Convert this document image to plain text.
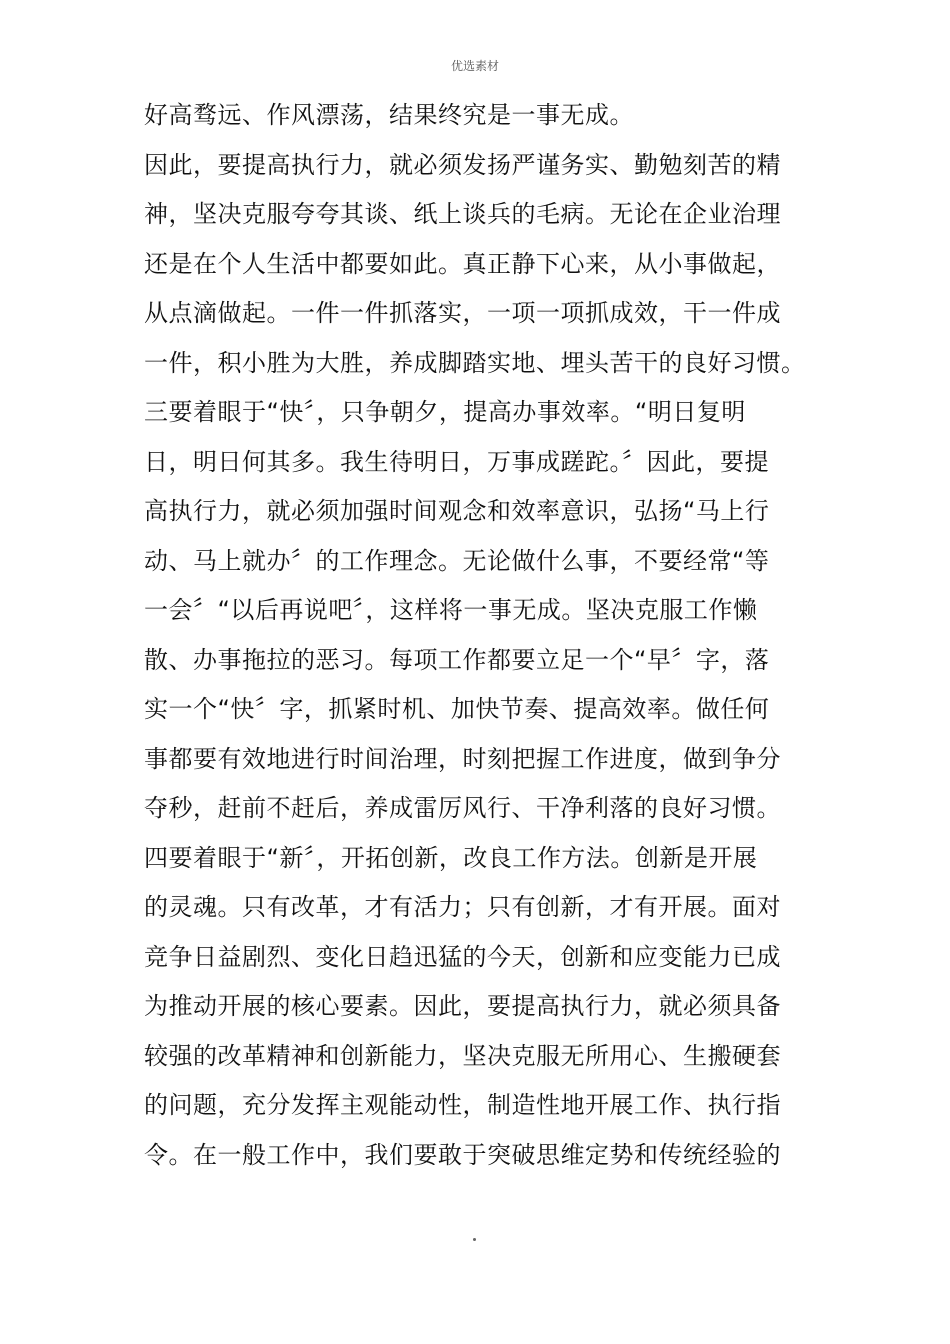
优选素材
好高骛远、作风漂荡，结果终究是一事无成。
因此，要提高执行力，就必须发扬严谨务实、勤勉刻苦的精
神，坚决克服夸夸其谈、纸上谈兵的毛病。无论在企业治理
还是在个人生活中都要如此。真正静下心来，从小事做起，
从点滴做起。一件一件抓落实，一项一项抓成效，干一件成
一件，积小胜为大胜，养成脚踏实地、埋头苦干的良好习惯。
三要着眼于“快〞，只争朝夕，提高办事效率。“明日复明
日，明日何其多。我生待明日，万事成蹉跎。〞因此，要提
高执行力，就必须加强时间观念和效率意识，弘扬“马上行
动、马上就办〞的工作理念。无论做什么事，不要经常“等
一会〞“以后再说吧〞，这样将一事无成。坚决克服工作懒
散、办事拖拉的恶习。每项工作都要立足一个“早〞字，落
实一个“快〞字，抓紧时机、加快节奏、提高效率。做任何
事都要有效地进行时间治理，时刻把握工作进度，做到争分
夺秒，赶前不赶后，养成雷厉风行、干净利落的良好习惯。
四要着眼于“新〞，开拓创新，改良工作方法。创新是开展
的灵魂。只有改革，才有活力；只有创新，才有开展。面对
竞争日益剧烈、变化日趋迅猛的今天，创新和应变能力已成
为推动开展的核心要素。因此，要提高执行力，就必须具备
较强的改革精神和创新能力，坚决克服无所用心、生搬硬套
的问题，充分发挥主观能动性，制造性地开展工作、执行指
令。在一般工作中，我们要敢于突破思维定势和传统经验的
